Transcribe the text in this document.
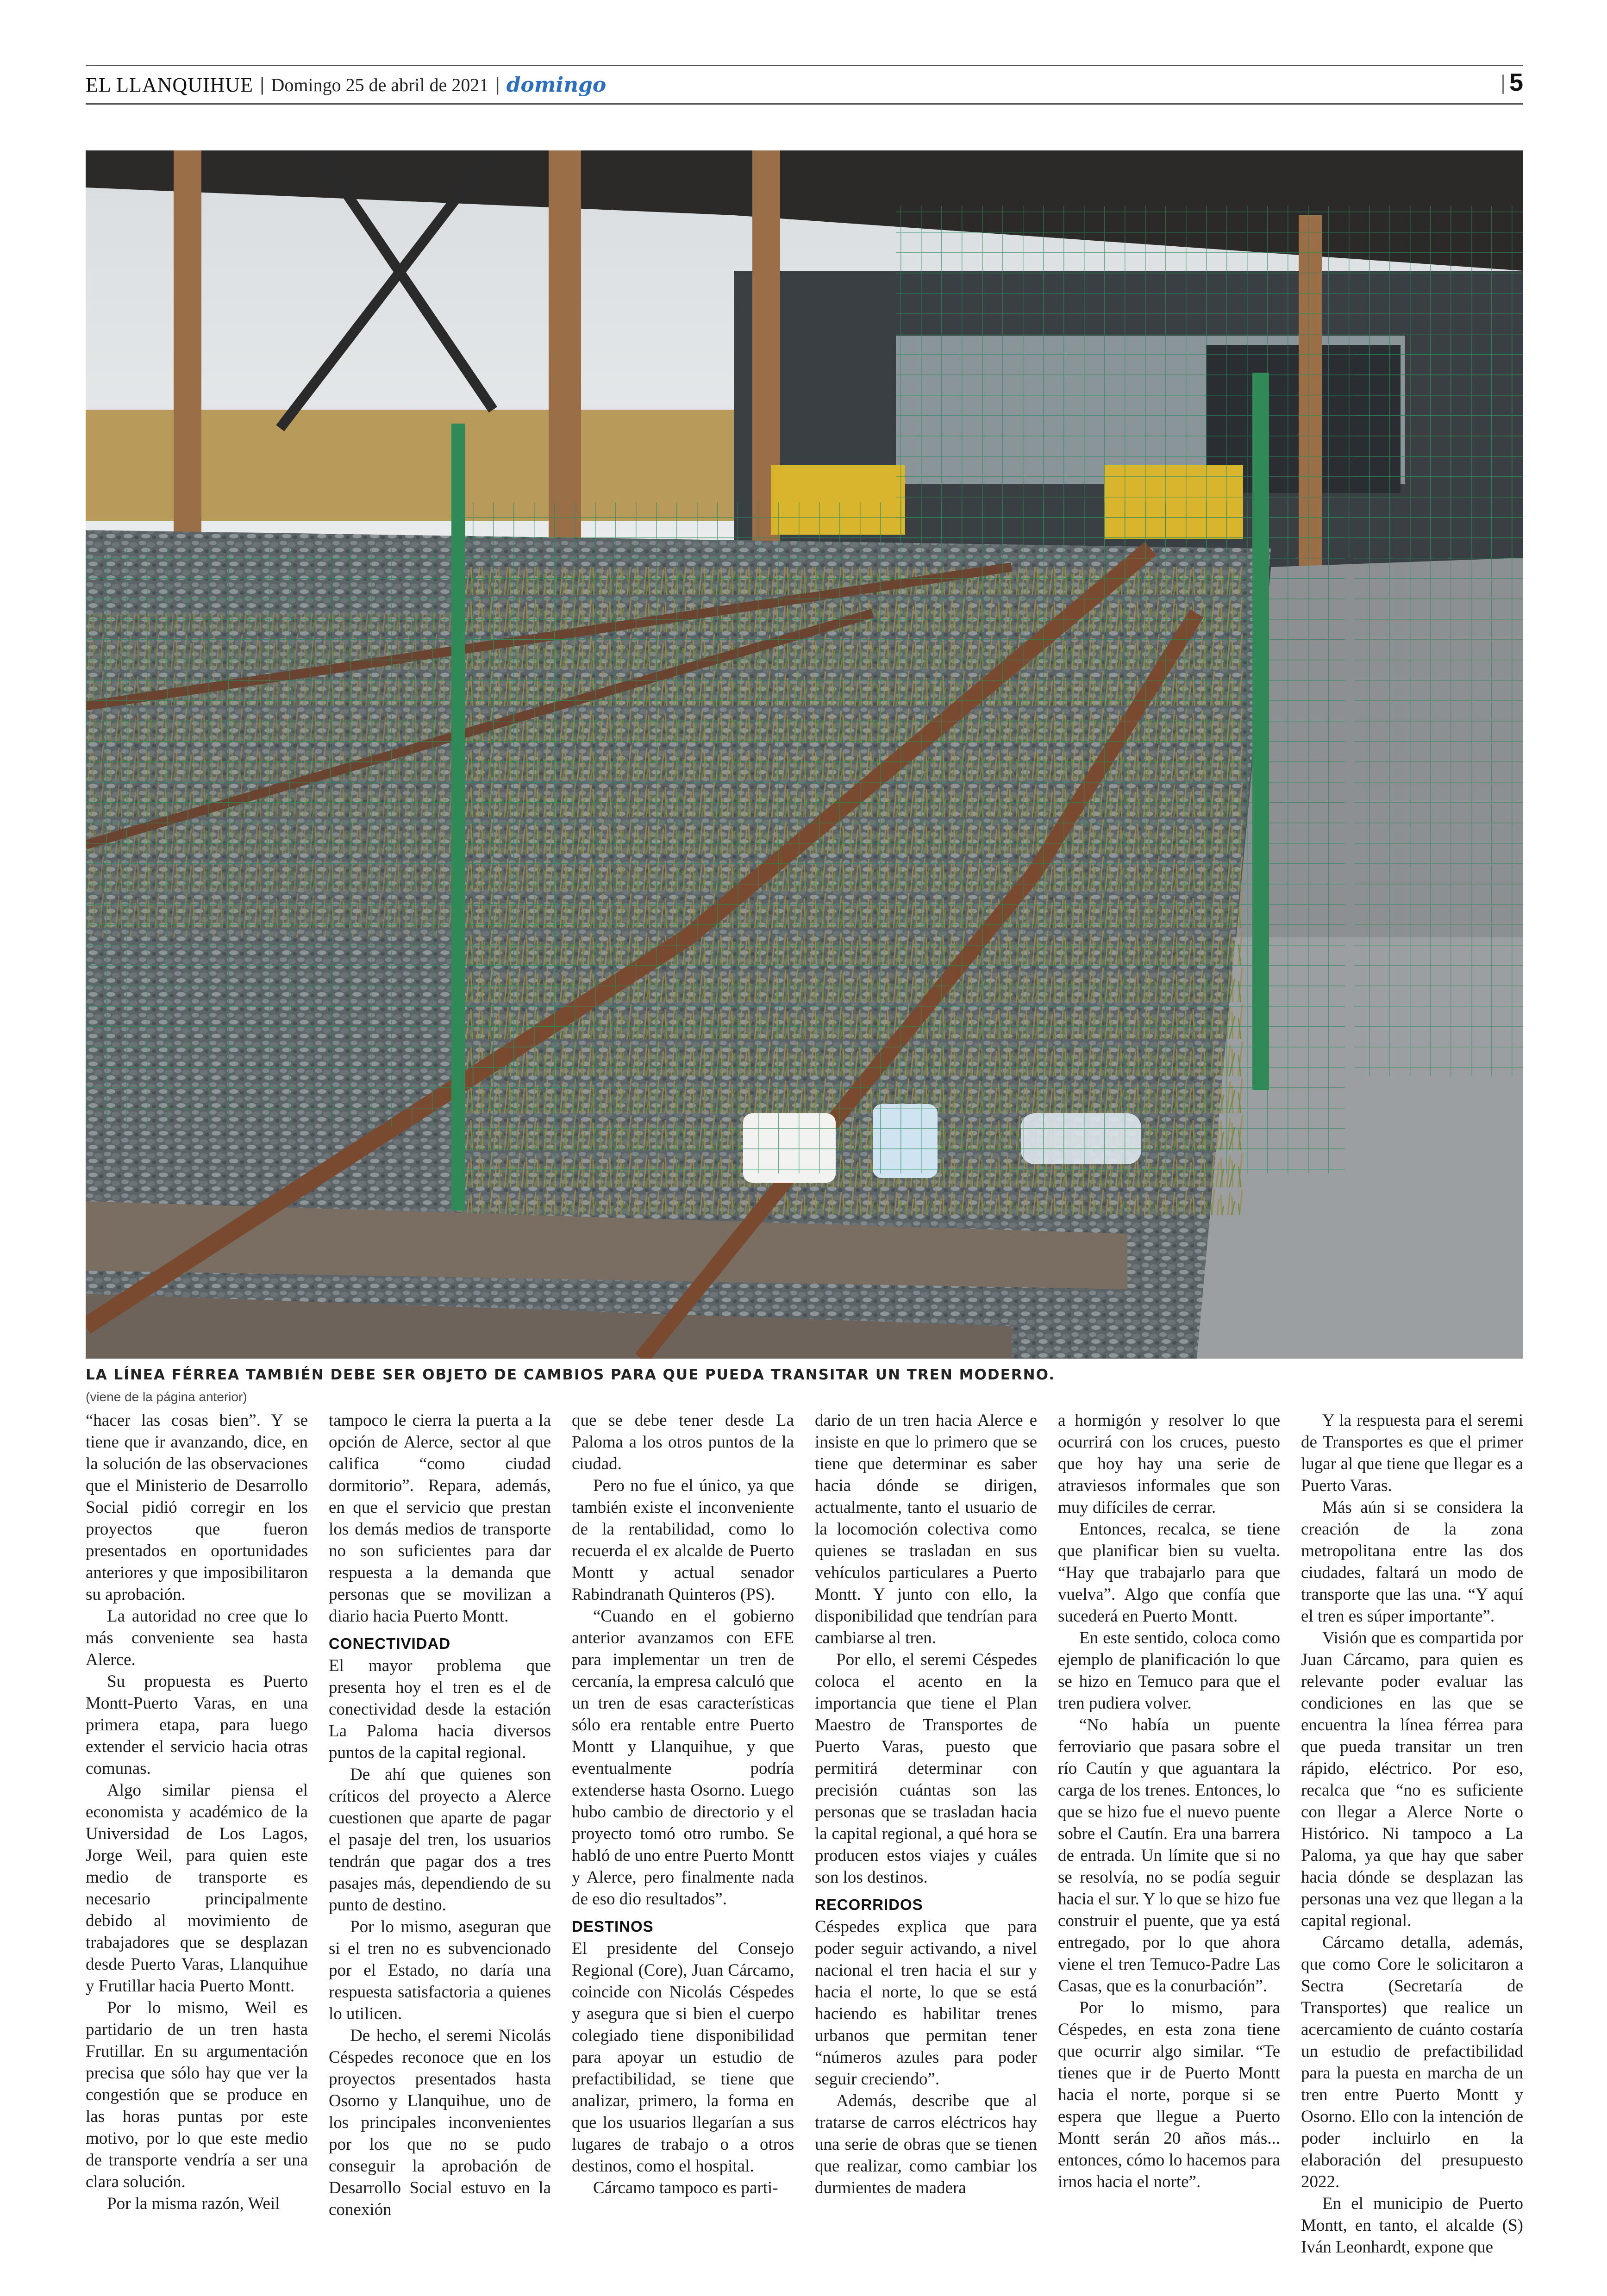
EL LLANQUIHUE | Domingo 25 de abril de 2021 | domingo	5
LA LÍNEA FÉRREA TAMBIÉN DEBE SER OBJETO DE CAMBIOS PARA QUE PUEDA TRANSITAR UN TREN MODERNO.
(viene de la página anterior)

“hacer las cosas bien”. Y se tiene que ir avanzando, dice, en la solución de las observaciones que el Ministerio de Desarrollo Social pidió corregir en los proyectos que fueron presentados en oportunidades anteriores y que imposibilitaron su aprobación.

La autoridad no cree que lo más conveniente sea hasta Alerce.

Su propuesta es Puerto Montt-Puerto Varas, en una primera etapa, para luego extender el servicio hacia otras comunas.

Algo similar piensa el economista y académico de la Universidad de Los Lagos, Jorge Weil, para quien este medio de transporte es necesario principalmente debido al movimiento de trabajadores que se desplazan desde Puerto Varas, Llanquihue y Frutillar hacia Puerto Montt.

Por lo mismo, Weil es partidario de un tren hasta Frutillar. En su argumentación precisa que sólo hay que ver la congestión que se produce en las horas puntas por este motivo, por lo que este medio de transporte vendría a ser una clara solución.

Por la misma razón, Weil

tampoco le cierra la puerta a la opción de Alerce, sector al que califica “como ciudad dormitorio”. Repara, además, en que el servicio que prestan los demás medios de transporte no son suficientes para dar respuesta a la demanda que personas que se movilizan a diario hacia Puerto Montt.

CONECTIVIDAD

El mayor problema que presenta hoy el tren es el de conectividad desde la estación La Paloma hacia diversos puntos de la capital regional.

De ahí que quienes son críticos del proyecto a Alerce cuestionen que aparte de pagar el pasaje del tren, los usuarios tendrán que pagar dos a tres pasajes más, dependiendo de su punto de destino.

Por lo mismo, aseguran que si el tren no es subvencionado por el Estado, no daría una respuesta satisfactoria a quienes lo utilicen.

De hecho, el seremi Nicolás Céspedes reconoce que en los proyectos presentados hasta Osorno y Llanquihue, uno de los principales inconvenientes por los que no se pudo conseguir la aprobación de Desarrollo Social estuvo en la conexión

que se debe tener desde La Paloma a los otros puntos de la ciudad.

Pero no fue el único, ya que también existe el inconveniente de la rentabilidad, como lo recuerda el ex alcalde de Puerto Montt y actual senador Rabindranath Quinteros (PS).

“Cuando en el gobierno anterior avanzamos con EFE para implementar un tren de cercanía, la empresa calculó que un tren de esas características sólo era rentable entre Puerto Montt y Llanquihue, y que eventualmente podría extenderse hasta Osorno. Luego hubo cambio de directorio y el proyecto tomó otro rumbo. Se habló de uno entre Puerto Montt y Alerce, pero finalmente nada de eso dio resultados”.

DESTINOS

El presidente del Consejo Regional (Core), Juan Cárcamo, coincide con Nicolás Céspedes y asegura que si bien el cuerpo colegiado tiene disponibilidad para apoyar un estudio de prefactibilidad, se tiene que analizar, primero, la forma en que los usuarios llegarían a sus lugares de trabajo o a otros destinos, como el hospital.

Cárcamo tampoco es parti-

dario de un tren hacia Alerce e insiste en que lo primero que se tiene que determinar es saber hacia dónde se dirigen, actualmente, tanto el usuario de la locomoción colectiva como quienes se trasladan en sus vehículos particulares a Puerto Montt. Y junto con ello, la disponibilidad que tendrían para cambiarse al tren.

Por ello, el seremi Céspedes coloca el acento en la importancia que tiene el Plan Maestro de Transportes de Puerto Varas, puesto que permitirá determinar con precisión cuántas son las personas que se trasladan hacia la capital regional, a qué hora se producen estos viajes y cuáles son los destinos.

RECORRIDOS

Céspedes explica que para poder seguir activando, a nivel nacional el tren hacia el sur y hacia el norte, lo que se está haciendo es habilitar trenes urbanos que permitan tener “números azules para poder seguir creciendo”.

Además, describe que al tratarse de carros eléctricos hay una serie de obras que se tienen que realizar, como cambiar los durmientes de madera

a hormigón y resolver lo que ocurrirá con los cruces, puesto que hoy hay una serie de atraviesos informales que son muy difíciles de cerrar.

Entonces, recalca, se tiene que planificar bien su vuelta. “Hay que trabajarlo para que vuelva”. Algo que confía que sucederá en Puerto Montt.

En este sentido, coloca como ejemplo de planificación lo que se hizo en Temuco para que el tren pudiera volver.

“No había un puente ferroviario que pasara sobre el río Cautín y que aguantara la carga de los trenes. Entonces, lo que se hizo fue el nuevo puente sobre el Cautín. Era una barrera de entrada. Un límite que si no se resolvía, no se podía seguir hacia el sur. Y lo que se hizo fue construir el puente, que ya está entregado, por lo que ahora viene el tren Temuco-Padre Las Casas, que es la conurbación”.

Por lo mismo, para Céspedes, en esta zona tiene que ocurrir algo similar. “Te tienes que ir de Puerto Montt hacia el norte, porque si se espera que llegue a Puerto Montt serán 20 años más... entonces, cómo lo hacemos para irnos hacia el norte”.

Y la respuesta para el seremi de Transportes es que el primer lugar al que tiene que llegar es a Puerto Varas.

Más aún si se considera la creación de la zona metropolitana entre las dos ciudades, faltará un modo de transporte que las una. “Y aquí el tren es súper importante”.

Visión que es compartida por Juan Cárcamo, para quien es relevante poder evaluar las condiciones en las que se encuentra la línea férrea para que pueda transitar un tren rápido, eléctrico. Por eso, recalca que “no es suficiente con llegar a Alerce Norte o Histórico. Ni tampoco a La Paloma, ya que hay que saber hacia dónde se desplazan las personas una vez que llegan a la capital regional.

Cárcamo detalla, además, que como Core le solicitaron a Sectra (Secretaría de Transportes) que realice un acercamiento de cuánto costaría un estudio de prefactibilidad para la puesta en marcha de un tren entre Puerto Montt y Osorno. Ello con la intención de poder incluirlo en la elaboración del presupuesto 2022.

En el municipio de Puerto Montt, en tanto, el alcalde (S) Iván Leonhardt, expone que
